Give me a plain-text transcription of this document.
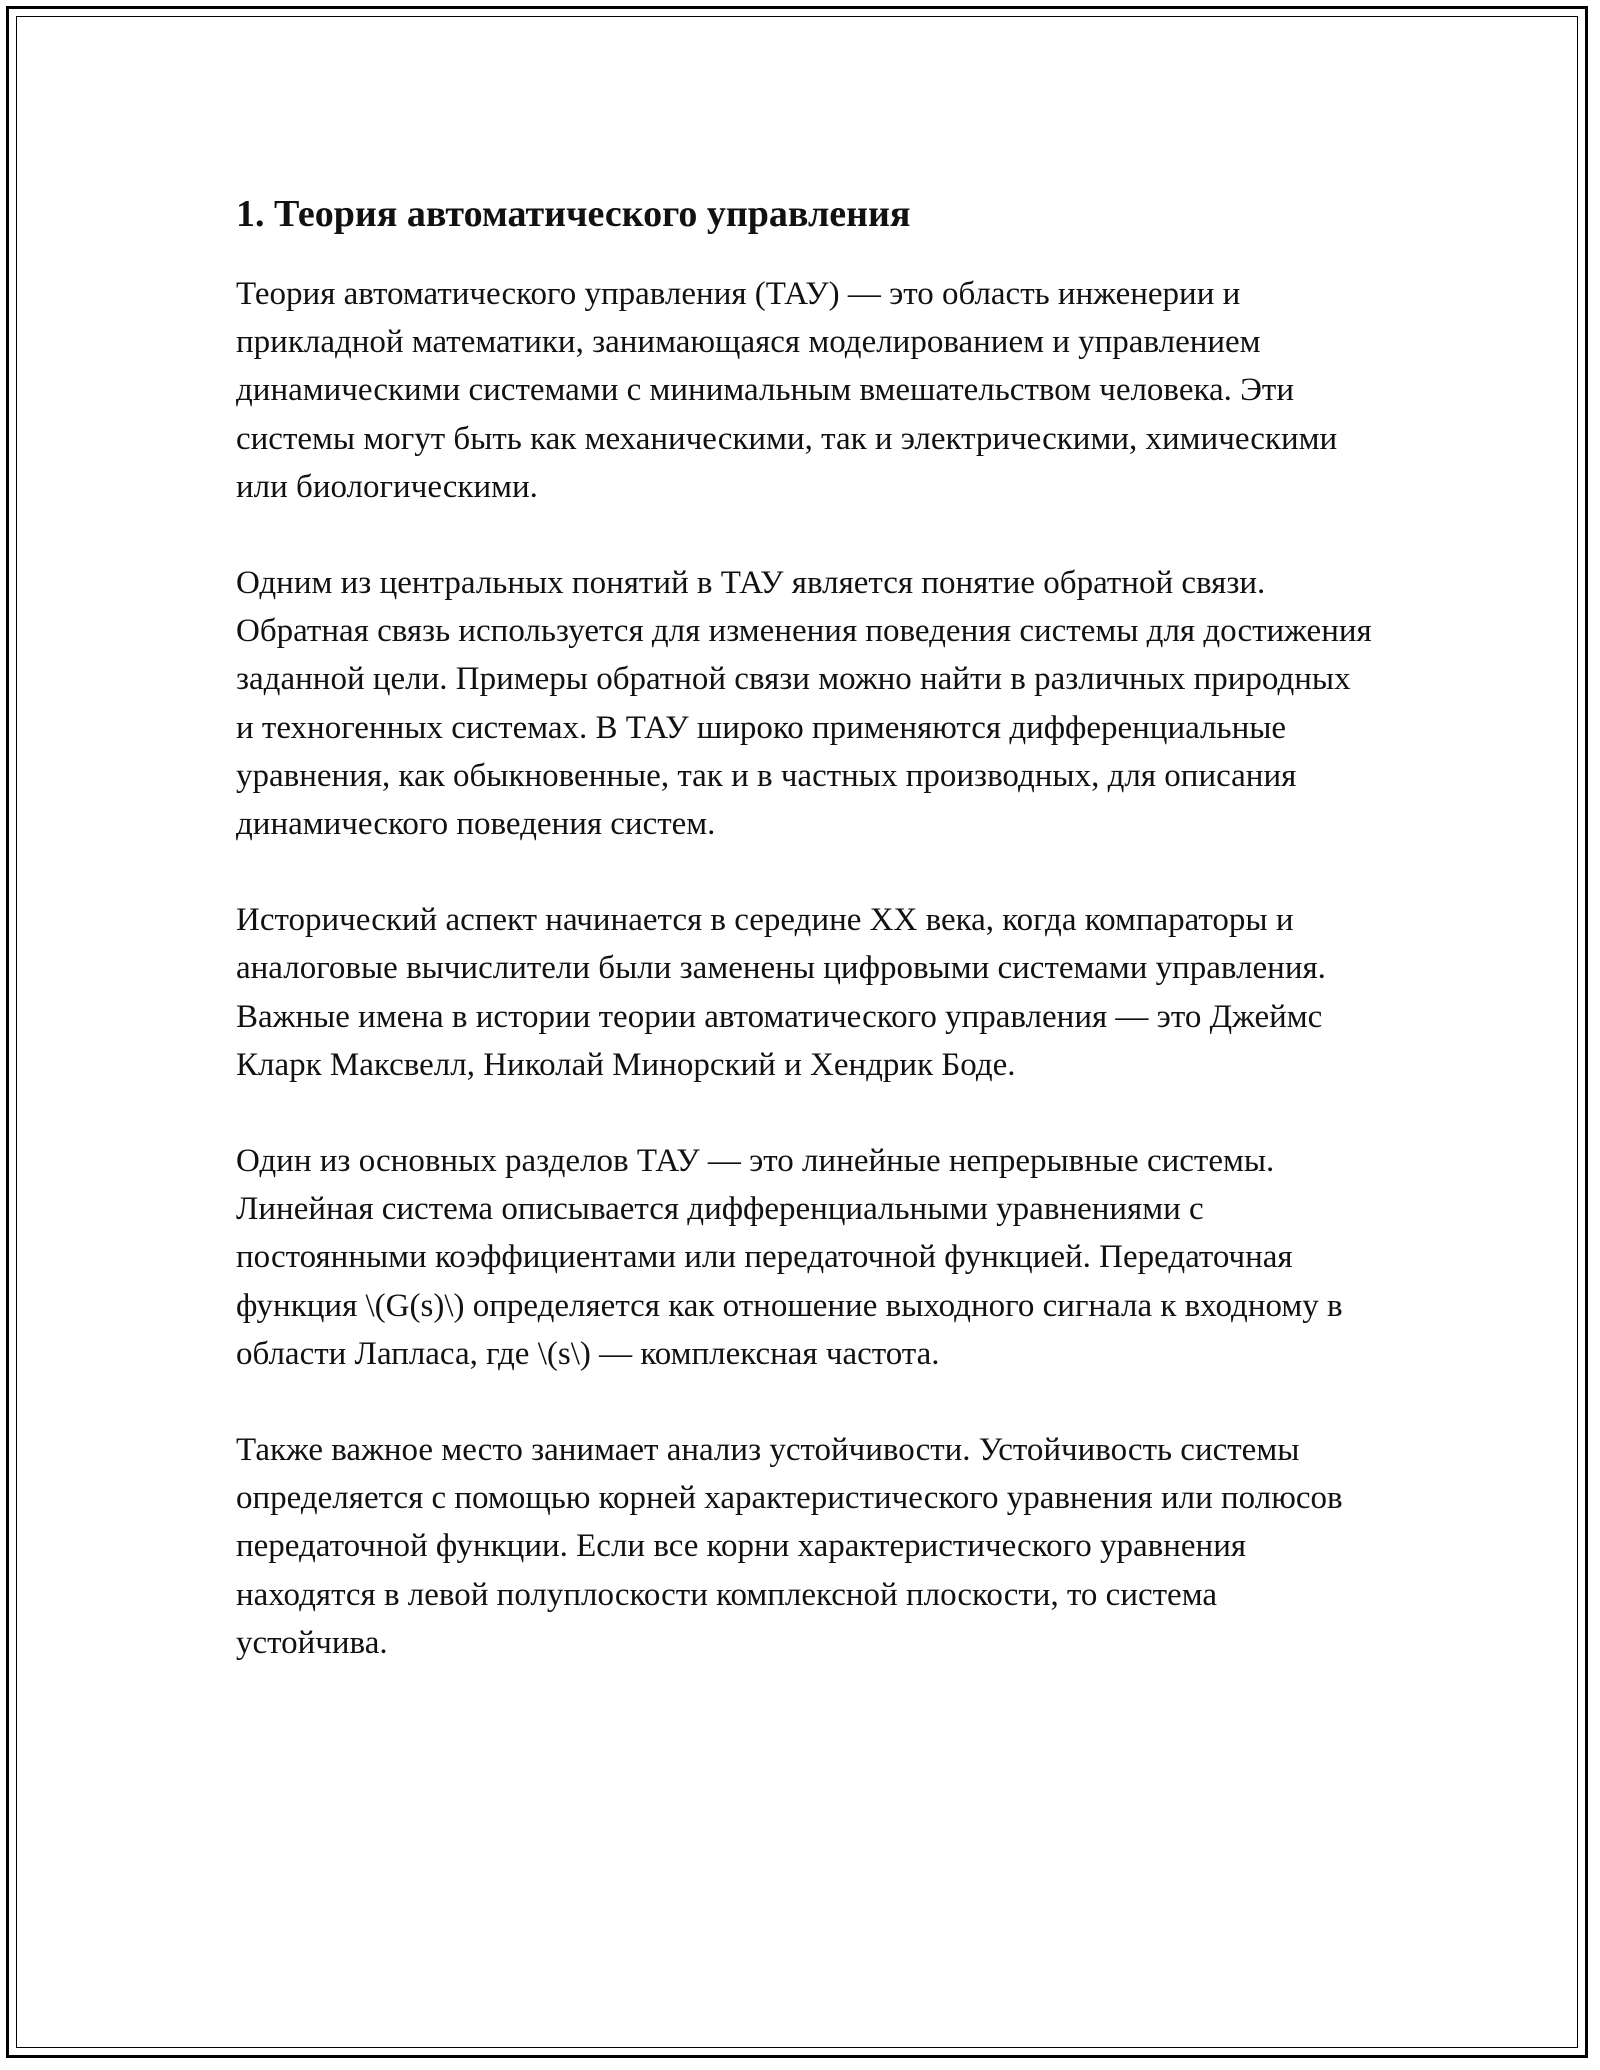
1. Теория автоматического управления

Теория автоматического управления (ТАУ) — это область инженерии и прикладной математики, занимающаяся моделированием и управлением динамическими системами с минимальным вмешательством человека. Эти системы могут быть как механическими, так и электрическими, химическими или биологическими.

Одним из центральных понятий в ТАУ является понятие обратной связи. Обратная связь используется для изменения поведения системы для достижения заданной цели. Примеры обратной связи можно найти в различных природных и техногенных системах. В ТАУ широко применяются дифференциальные уравнения, как обыкновенные, так и в частных производных, для описания динамического поведения систем.

Исторический аспект начинается в середине XX века, когда компараторы и аналоговые вычислители были заменены цифровыми системами управления. Важные имена в истории теории автоматического управления — это Джеймс Кларк Максвелл, Николай Минорский и Хендрик Боде.

Один из основных разделов ТАУ — это линейные непрерывные системы. Линейная система описывается дифференциальными уравнениями с постоянными коэффициентами или передаточной функцией. Передаточная функция \(G(s)\) определяется как отношение выходного сигнала к входному в области Лапласа, где \(s\) — комплексная частота.

Также важное место занимает анализ устойчивости. Устойчивость системы определяется с помощью корней характеристического уравнения или полюсов передаточной функции. Если все корни характеристического уравнения находятся в левой полуплоскости комплексной плоскости, то система устойчива.
